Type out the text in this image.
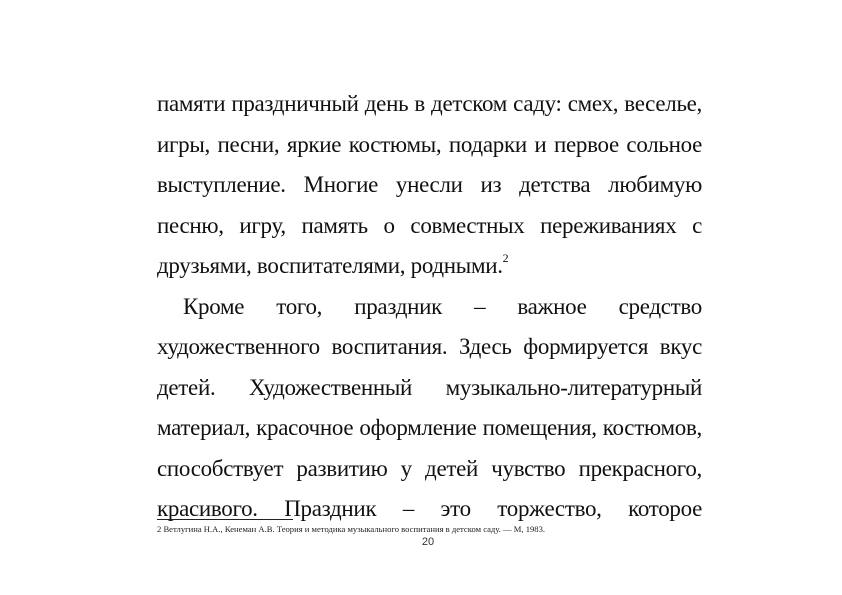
памяти праздничный день в детском саду: смех, веселье, игры, песни, яркие костюмы, подарки и первое сольное выступление. Многие унесли из детства любимую песню, игру, память о совместных переживаниях с друзьями, воспитателями, родными.$^2$

Кроме того, праздник – важное средство художественного воспитания. Здесь формируется вкус детей. Художественный музыкально-литературный материал, красочное оформление помещения, костюмов, способствует развитию у детей чувство прекрасного, красивого. Праздник – это торжество, которое

2 Ветлугина Н.А., Кенеман А.В. Теория и методика музыкального воспитания в детском саду. — М, 1983.
20
